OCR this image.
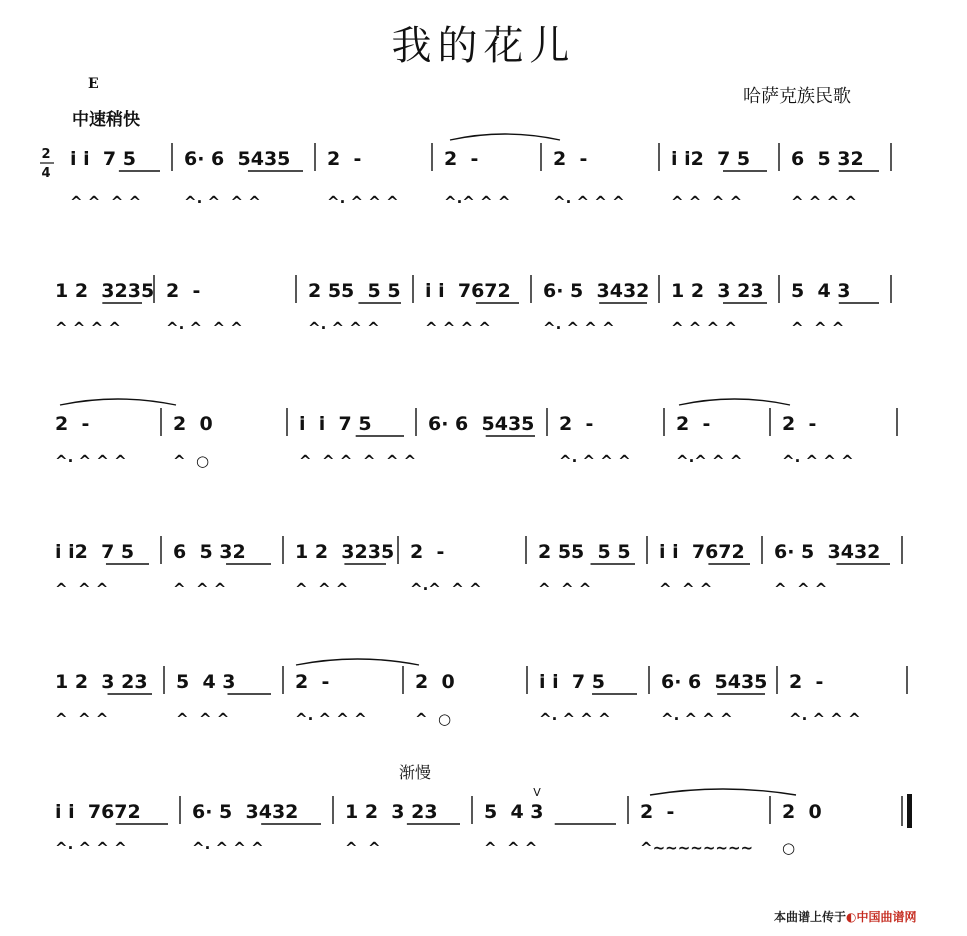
我的花儿
E
中速稍快
哈萨克族民歌
本曲谱上传于◐中国曲谱网
2
4
i i  7 5
^ ^  ^ ^
6· 6  5435
^· ^  ^ ^
2  -
^· ^ ^ ^
2  -
^·^ ^ ^
2  -
^· ^ ^ ^
i i2  7 5
^ ^  ^ ^
6  5 32
^ ^ ^ ^
1 2  3235
^ ^ ^ ^
2  -
^· ^  ^ ^
2 55  5 5
^· ^ ^ ^
i i  7672
^ ^ ^ ^
6· 5  3432
^· ^ ^ ^
1 2  3 23
^ ^ ^ ^
5  4 3
^  ^ ^
2  -
^· ^ ^ ^
2  0
^  ○
i  i  7 5
^  ^ ^  ^  ^ ^
6· 6  5435 2  -
^· ^ ^ ^
2  -
^·^ ^ ^
2  -
^· ^ ^ ^
i i2  7 5
^  ^ ^
6  5 32
^  ^ ^
1 2  3235
^  ^ ^
2  -
^·^  ^ ^
2 55  5 5
^  ^ ^
i i  7672
^  ^ ^
6· 5  3432
^  ^ ^
1 2  3 23
^  ^ ^
5  4 3
^  ^ ^
2  -
^· ^ ^ ^
2  0
^  ○
i i  7 5
^· ^ ^ ^
6· 6  5435
^· ^ ^ ^
2  -
^· ^ ^ ^
i i  7672
^· ^ ^ ^
6· 5  3432
^· ^ ^ ^
1 2  3 23
^  ^
5  4 3
^  ^ ^
2  -
^~~~~~~~~
2  0
○
渐慢
V
